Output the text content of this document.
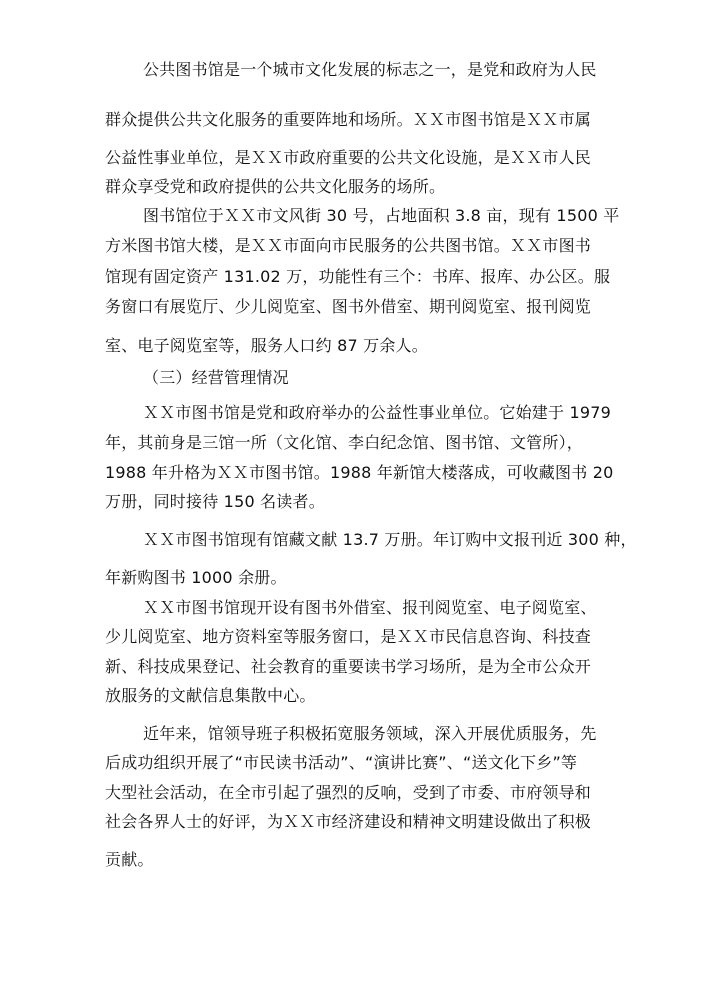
公共图书馆是一个城市文化发展的标志之一，是党和政府为人民
群众提供公共文化服务的重要阵地和场所。ＸＸ市图书馆是ＸＸ市属
公益性事业单位，是ＸＸ市政府重要的公共文化设施，是ＸＸ市人民
群众享受党和政府提供的公共文化服务的场所。
图书馆位于ＸＸ市文风街 30 号，占地面积 3.8 亩，现有 1500 平
方米图书馆大楼，是ＸＸ市面向市民服务的公共图书馆。ＸＸ市图书
馆现有固定资产 131.02 万，功能性有三个：书库、报库、办公区。服
务窗口有展览厅、少儿阅览室、图书外借室、期刊阅览室、报刊阅览
室、电子阅览室等，服务人口约 87 万余人。
（三）经营管理情况
ＸＸ市图书馆是党和政府举办的公益性事业单位。它始建于 1979
年，其前身是三馆一所（文化馆、李白纪念馆、图书馆、文管所），
1988 年升格为ＸＸ市图书馆。1988 年新馆大楼落成，可收藏图书 20
万册，同时接待 150 名读者。
ＸＸ市图书馆现有馆藏文献 13.7 万册。年订购中文报刊近 300 种，
年新购图书 1000 余册。
ＸＸ市图书馆现开设有图书外借室、报刊阅览室、电子阅览室、
少儿阅览室、地方资料室等服务窗口，是ＸＸ市民信息咨询、科技查
新、科技成果登记、社会教育的重要读书学习场所，是为全市公众开
放服务的文献信息集散中心。
近年来，馆领导班子积极拓宽服务领域，深入开展优质服务，先
后成功组织开展了“市民读书活动”、“演讲比赛”、“送文化下乡”等
大型社会活动，在全市引起了强烈的反响，受到了市委、市府领导和
社会各界人士的好评，为ＸＸ市经济建设和精神文明建设做出了积极
贡献。
